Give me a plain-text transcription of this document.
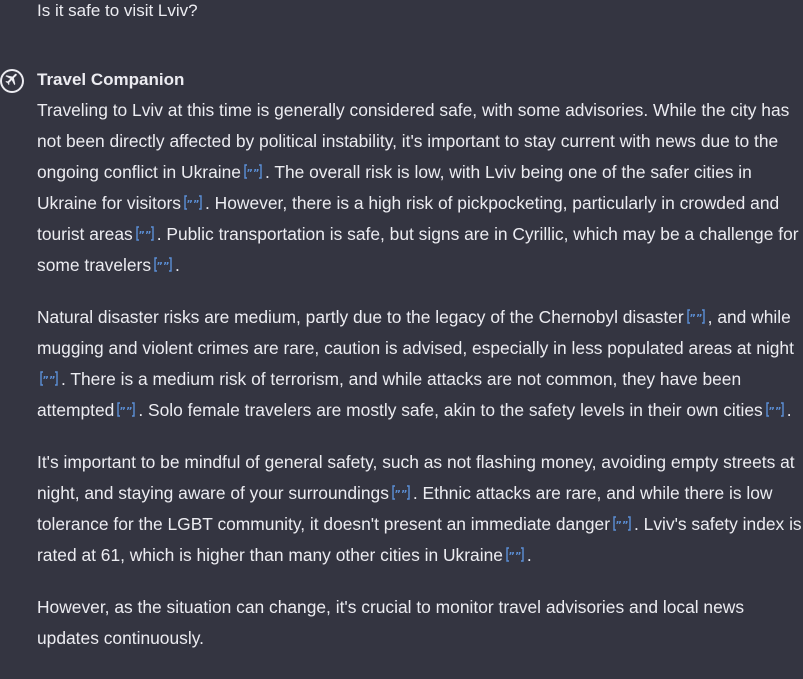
Is it safe to visit Lviv?
Travel Companion

Traveling to Lviv at this time is generally considered safe, with some advisories. While the city has not been directly affected by political instability, it's important to stay current with news due to the ongoing conflict in Ukraine ”” . The overall risk is low, with Lviv being one of the safer cities in Ukraine for visitors ”” . However, there is a high risk of pickpocketing, particularly in crowded and tourist areas ”” . Public transportation is safe, but signs are in Cyrillic, which may be a challenge for some travelers ”” .

Natural disaster risks are medium, partly due to the legacy of the Chernobyl disaster ”” , and while mugging and violent crimes are rare, caution is advised, especially in less populated areas at night
”” . There is a medium risk of terrorism, and while attacks are not common, they have been attempted ”” . Solo female travelers are mostly safe, akin to the safety levels in their own cities ”” .

It's important to be mindful of general safety, such as not flashing money, avoiding empty streets at night, and staying aware of your surroundings ”” . Ethnic attacks are rare, and while there is low tolerance for the LGBT community, it doesn't present an immediate danger ”” . Lviv's safety index is rated at 61, which is higher than many other cities in Ukraine ”” .

However, as the situation can change, it's crucial to monitor travel advisories and local news updates continuously.
